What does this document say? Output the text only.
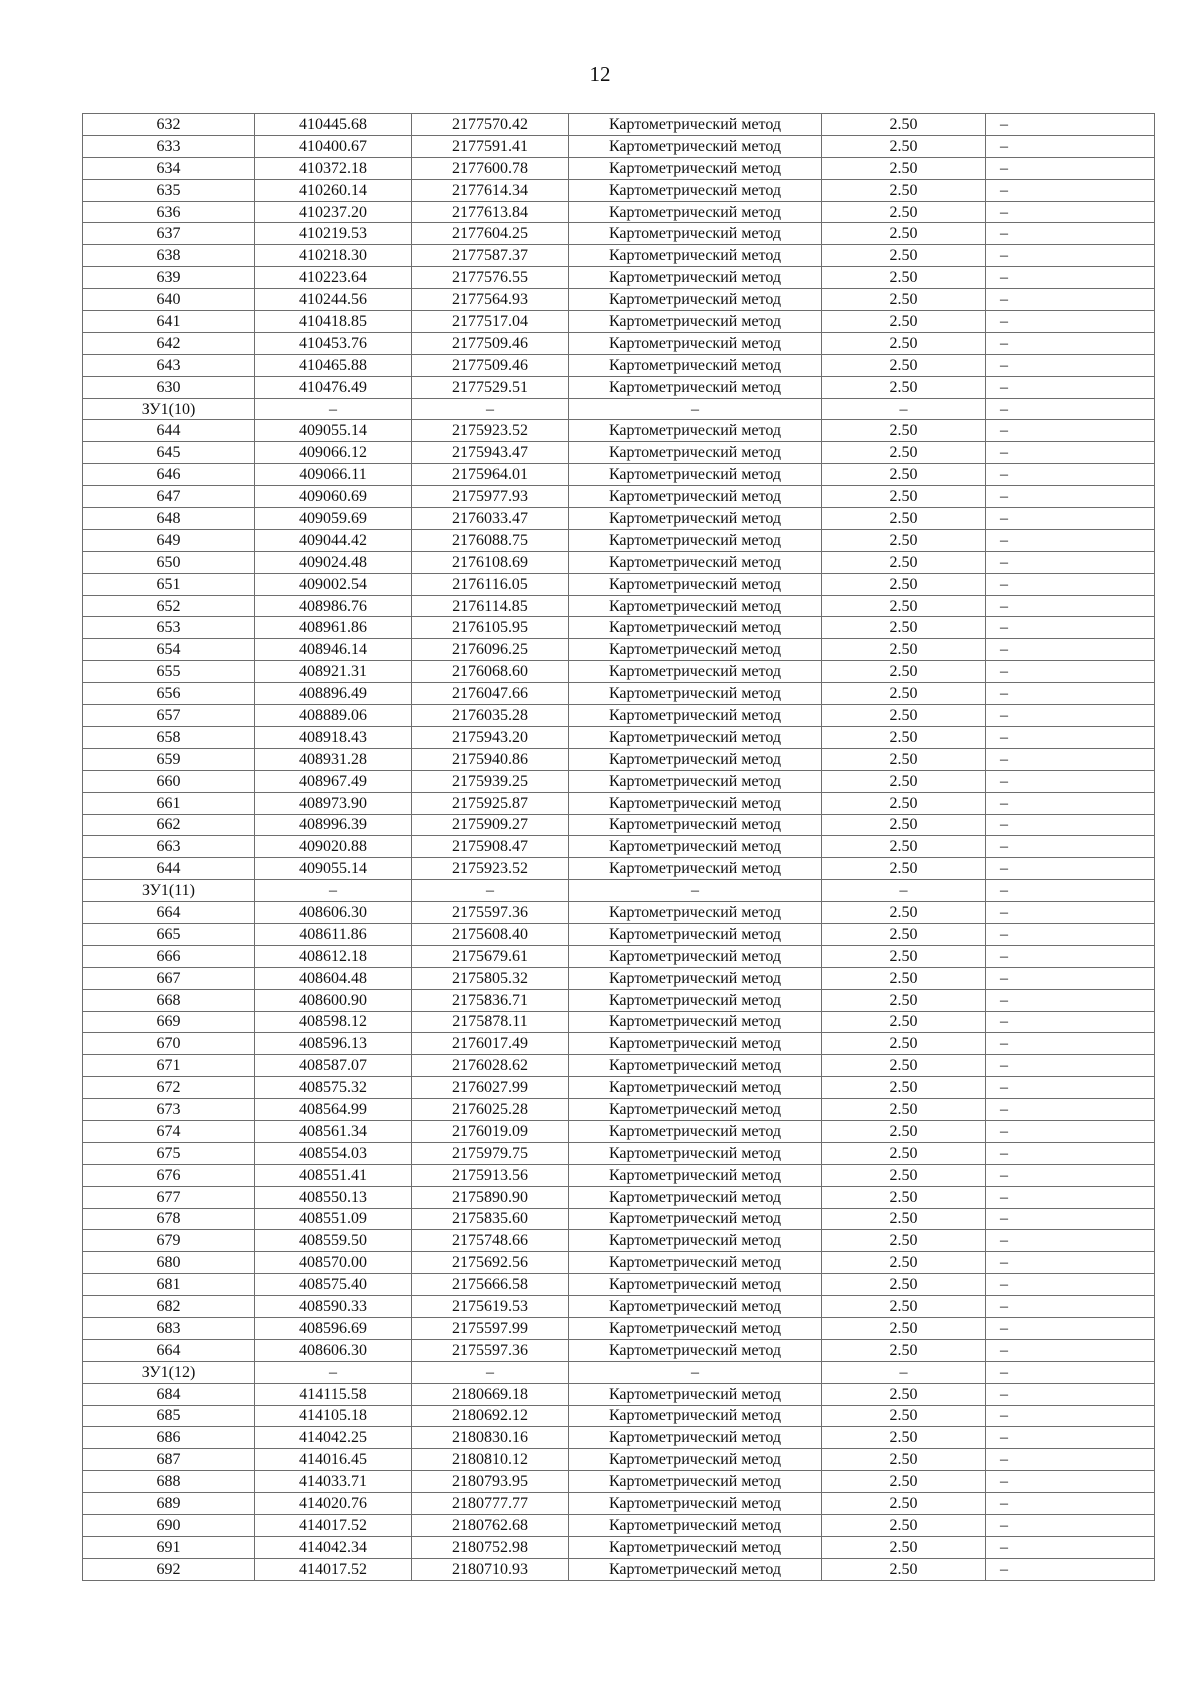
12
632	410445.68	2177570.42	Картометрический метод	2.50	–
633	410400.67	2177591.41	Картометрический метод	2.50	–
634	410372.18	2177600.78	Картометрический метод	2.50	–
635	410260.14	2177614.34	Картометрический метод	2.50	–
636	410237.20	2177613.84	Картометрический метод	2.50	–
637	410219.53	2177604.25	Картометрический метод	2.50	–
638	410218.30	2177587.37	Картометрический метод	2.50	–
639	410223.64	2177576.55	Картометрический метод	2.50	–
640	410244.56	2177564.93	Картометрический метод	2.50	–
641	410418.85	2177517.04	Картометрический метод	2.50	–
642	410453.76	2177509.46	Картометрический метод	2.50	–
643	410465.88	2177509.46	Картометрический метод	2.50	–
630	410476.49	2177529.51	Картометрический метод	2.50	–
ЗУ1(10)	–	–	–	–	–
644	409055.14	2175923.52	Картометрический метод	2.50	–
645	409066.12	2175943.47	Картометрический метод	2.50	–
646	409066.11	2175964.01	Картометрический метод	2.50	–
647	409060.69	2175977.93	Картометрический метод	2.50	–
648	409059.69	2176033.47	Картометрический метод	2.50	–
649	409044.42	2176088.75	Картометрический метод	2.50	–
650	409024.48	2176108.69	Картометрический метод	2.50	–
651	409002.54	2176116.05	Картометрический метод	2.50	–
652	408986.76	2176114.85	Картометрический метод	2.50	–
653	408961.86	2176105.95	Картометрический метод	2.50	–
654	408946.14	2176096.25	Картометрический метод	2.50	–
655	408921.31	2176068.60	Картометрический метод	2.50	–
656	408896.49	2176047.66	Картометрический метод	2.50	–
657	408889.06	2176035.28	Картометрический метод	2.50	–
658	408918.43	2175943.20	Картометрический метод	2.50	–
659	408931.28	2175940.86	Картометрический метод	2.50	–
660	408967.49	2175939.25	Картометрический метод	2.50	–
661	408973.90	2175925.87	Картометрический метод	2.50	–
662	408996.39	2175909.27	Картометрический метод	2.50	–
663	409020.88	2175908.47	Картометрический метод	2.50	–
644	409055.14	2175923.52	Картометрический метод	2.50	–
ЗУ1(11)	–	–	–	–	–
664	408606.30	2175597.36	Картометрический метод	2.50	–
665	408611.86	2175608.40	Картометрический метод	2.50	–
666	408612.18	2175679.61	Картометрический метод	2.50	–
667	408604.48	2175805.32	Картометрический метод	2.50	–
668	408600.90	2175836.71	Картометрический метод	2.50	–
669	408598.12	2175878.11	Картометрический метод	2.50	–
670	408596.13	2176017.49	Картометрический метод	2.50	–
671	408587.07	2176028.62	Картометрический метод	2.50	–
672	408575.32	2176027.99	Картометрический метод	2.50	–
673	408564.99	2176025.28	Картометрический метод	2.50	–
674	408561.34	2176019.09	Картометрический метод	2.50	–
675	408554.03	2175979.75	Картометрический метод	2.50	–
676	408551.41	2175913.56	Картометрический метод	2.50	–
677	408550.13	2175890.90	Картометрический метод	2.50	–
678	408551.09	2175835.60	Картометрический метод	2.50	–
679	408559.50	2175748.66	Картометрический метод	2.50	–
680	408570.00	2175692.56	Картометрический метод	2.50	–
681	408575.40	2175666.58	Картометрический метод	2.50	–
682	408590.33	2175619.53	Картометрический метод	2.50	–
683	408596.69	2175597.99	Картометрический метод	2.50	–
664	408606.30	2175597.36	Картометрический метод	2.50	–
ЗУ1(12)	–	–	–	–	–
684	414115.58	2180669.18	Картометрический метод	2.50	–
685	414105.18	2180692.12	Картометрический метод	2.50	–
686	414042.25	2180830.16	Картометрический метод	2.50	–
687	414016.45	2180810.12	Картометрический метод	2.50	–
688	414033.71	2180793.95	Картометрический метод	2.50	–
689	414020.76	2180777.77	Картометрический метод	2.50	–
690	414017.52	2180762.68	Картометрический метод	2.50	–
691	414042.34	2180752.98	Картометрический метод	2.50	–
692	414017.52	2180710.93	Картометрический метод	2.50	–
